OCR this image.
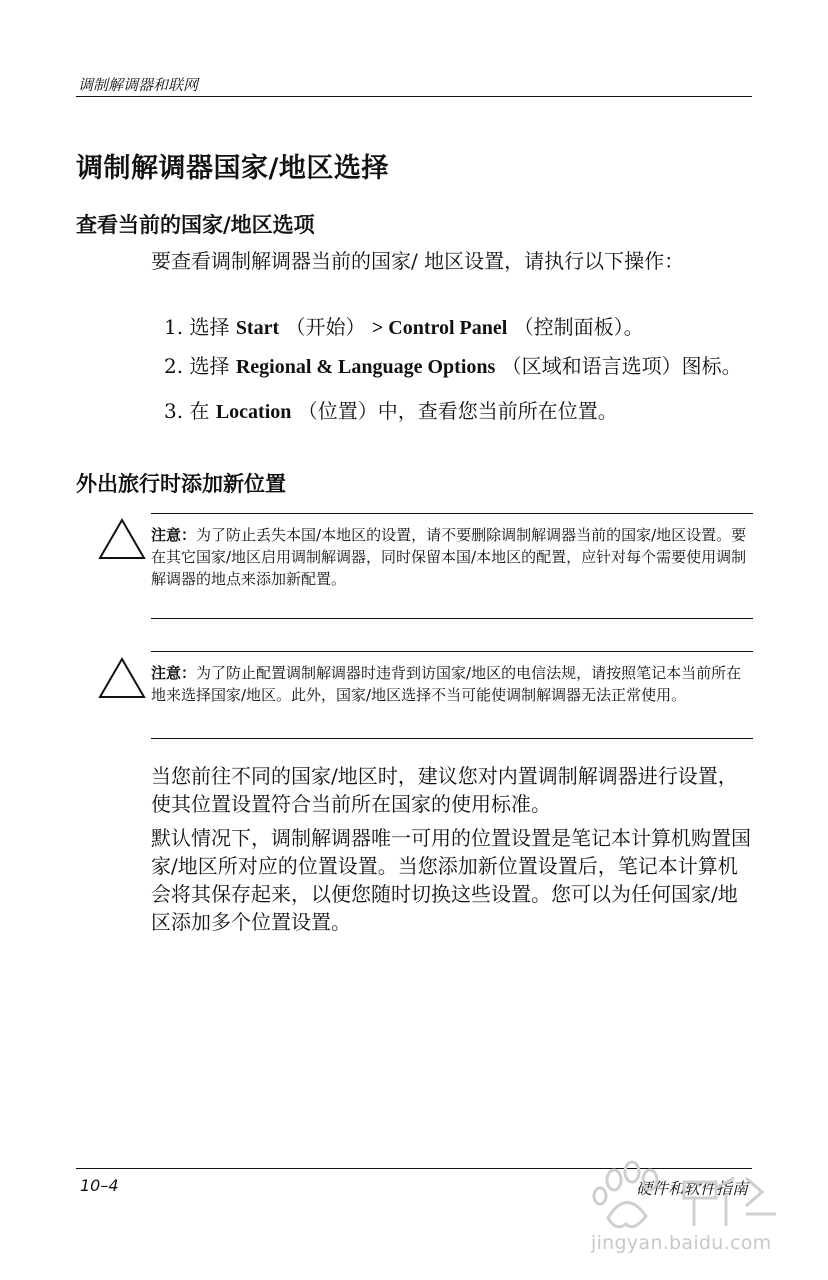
调制解调器和联网
调制解调器国家/地区选择
查看当前的国家/地区选项
要查看调制解调器当前的国家/ 地区设置，请执行以下操作：
1. 选择 Start （开始） > Control Panel （控制面板）。
2. 选择 Regional & Language Options （区域和语言选项）图标。
3. 在 Location （位置）中，查看您当前所在位置。
外出旅行时添加新位置
注意：为了防止丢失本国/本地区的设置，请不要删除调制解调器当前的国家/地区设置。要在其它国家/地区启用调制解调器，同时保留本国/本地区的配置，应针对每个需要使用调制解调器的地点来添加新配置。
注意：为了防止配置调制解调器时违背到访国家/地区的电信法规，请按照笔记本当前所在地来选择国家/地区。此外，国家/地区选择不当可能使调制解调器无法正常使用。
当您前往不同的国家/地区时，建议您对内置调制解调器进行设置，使其位置设置符合当前所在国家的使用标准。
默认情况下，调制解调器唯一可用的位置设置是笔记本计算机购置国家/地区所对应的位置设置。当您添加新位置设置后，笔记本计算机会将其保存起来，以便您随时切换这些设置。您可以为任何国家/地区添加多个位置设置。
10–4	硬件和软件指南
jingyan.baidu.com
